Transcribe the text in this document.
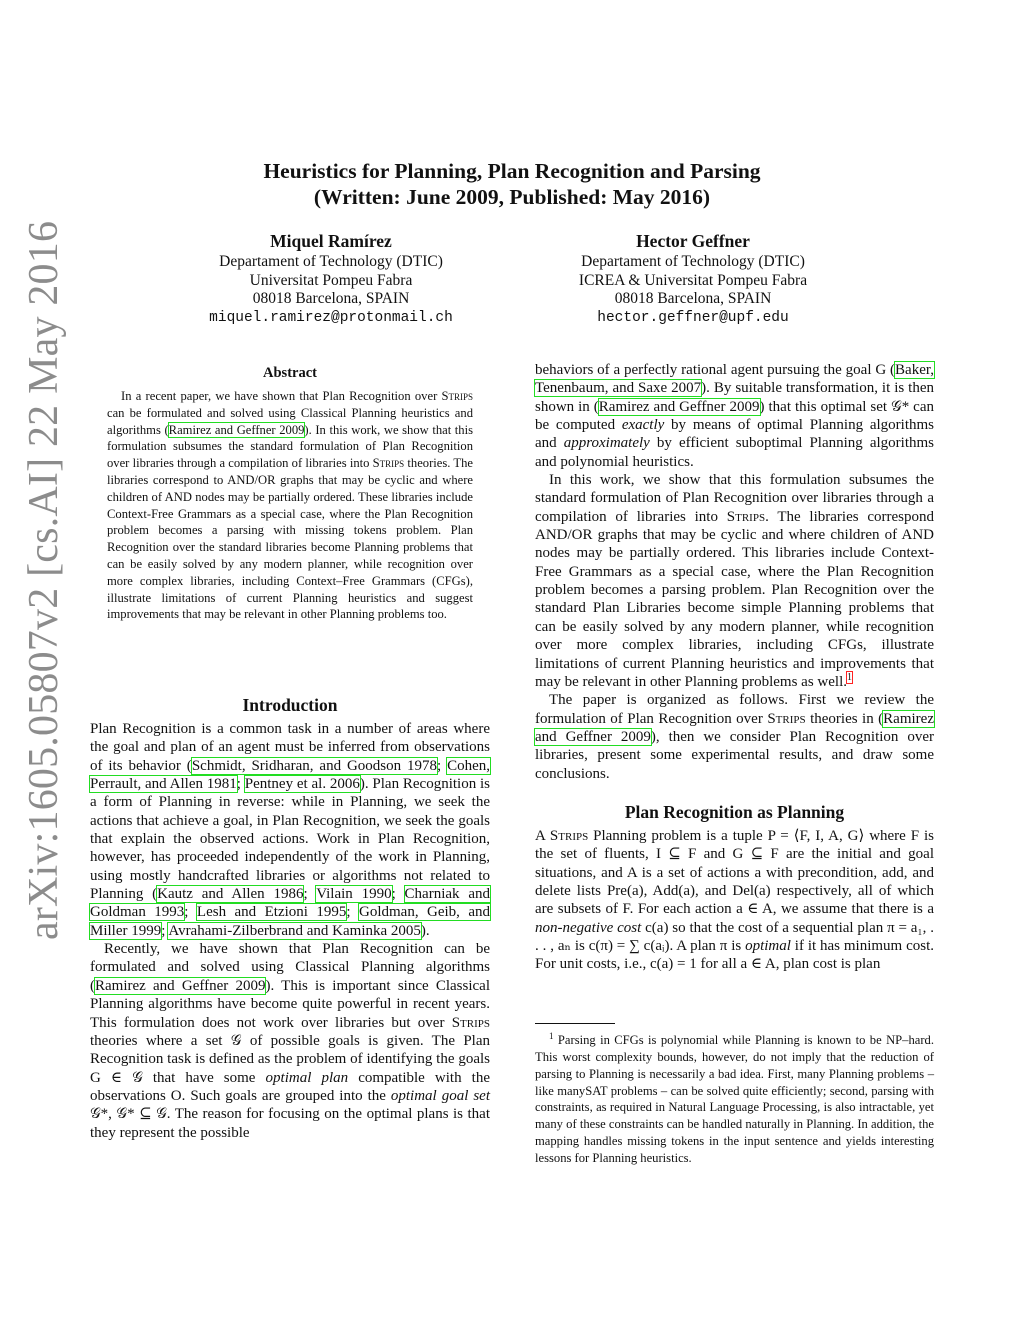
arXiv:1605.05807v2 [cs.AI] 22 May 2016
Heuristics for Planning, Plan Recognition and Parsing
(Written: June 2009, Published: May 2016)
Miquel Ramírez
Departament of Technology (DTIC)
Universitat Pompeu Fabra
08018 Barcelona, SPAIN
miquel.ramirez@protonmail.ch
Hector Geffner
Departament of Technology (DTIC)
ICREA & Universitat Pompeu Fabra
08018 Barcelona, SPAIN
hector.geffner@upf.edu
Abstract

In a recent paper, we have shown that Plan Recognition over Strips can be formulated and solved using Classical Planning heuristics and algorithms (Ramirez and Geffner 2009). In this work, we show that this formulation subsumes the standard formulation of Plan Recognition over libraries through a compilation of libraries into Strips theories. The libraries correspond to AND/OR graphs that may be cyclic and where children of AND nodes may be partially ordered. These libraries include Context-Free Grammars as a special case, where the Plan Recognition problem becomes a parsing with missing tokens problem. Plan Recognition over the standard libraries become Planning problems that can be easily solved by any modern planner, while recognition over more complex libraries, including Context–Free Grammars (CFGs), illustrate limitations of current Planning heuristics and suggest improvements that may be relevant in other Planning problems too.

Introduction

Plan Recognition is a common task in a number of areas where the goal and plan of an agent must be inferred from observations of its behavior (Schmidt, Sridharan, and Goodson 1978; Cohen, Perrault, and Allen 1981; Pentney et al. 2006). Plan Recognition is a form of Planning in reverse: while in Planning, we seek the actions that achieve a goal, in Plan Recognition, we seek the goals that explain the observed actions. Work in Plan Recognition, however, has proceeded independently of the work in Planning, using mostly handcrafted libraries or algorithms not related to Planning (Kautz and Allen 1986; Vilain 1990; Charniak and Goldman 1993; Lesh and Etzioni 1995; Goldman, Geib, and Miller 1999; Avrahami-Zilberbrand and Kaminka 2005).

Recently, we have shown that Plan Recognition can be formulated and solved using Classical Planning algorithms (Ramirez and Geffner 2009). This is important since Classical Planning algorithms have become quite powerful in recent years. This formulation does not work over libraries but over Strips theories where a set 𝒢 of possible goals is given. The Plan Recognition task is defined as the problem of identifying the goals G ∈ 𝒢 that have some optimal plan compatible with the observations O. Such goals are grouped into the optimal goal set 𝒢*, 𝒢* ⊆ 𝒢. The reason for focusing on the optimal plans is that they represent the possible

behaviors of a perfectly rational agent pursuing the goal G (Baker, Tenenbaum, and Saxe 2007). By suitable transformation, it is then shown in (Ramirez and Geffner 2009) that this optimal set 𝒢* can be computed exactly by means of optimal Planning algorithms and approximately by efficient suboptimal Planning algorithms and polynomial heuristics.

In this work, we show that this formulation subsumes the standard formulation of Plan Recognition over libraries through a compilation of libraries into Strips. The libraries correspond AND/OR graphs that may be cyclic and where children of AND nodes may be partially ordered. This libraries include Context-Free Grammars as a special case, where the Plan Recognition problem becomes a parsing problem. Plan Recognition over the standard Plan Libraries become simple Planning problems that can be easily solved by any modern planner, while recognition over more complex libraries, including CFGs, illustrate limitations of current Planning heuristics and improvements that may be relevant in other Planning problems as well.$^1$

The paper is organized as follows. First we review the formulation of Plan Recognition over Strips theories in (Ramirez and Geffner 2009), then we consider Plan Recognition over libraries, present some experimental results, and draw some conclusions.

Plan Recognition as Planning

A Strips Planning problem is a tuple P = ⟨F, I, A, G⟩ where F is the set of fluents, I ⊆ F and G ⊆ F are the initial and goal situations, and A is a set of actions a with precondition, add, and delete lists Pre(a), Add(a), and Del(a) respectively, all of which are subsets of F. For each action a ∈ A, we assume that there is a non-negative cost c(a) so that the cost of a sequential plan π = a₁, . . . , aₙ is c(π) = ∑ c(aᵢ). A plan π is optimal if it has minimum cost. For unit costs, i.e., c(a) = 1 for all a ∈ A, plan cost is plan

$^1$ Parsing in CFGs is polynomial while Planning is known to be NP–hard. This worst complexity bounds, however, do not imply that the reduction of parsing to Planning is necessarily a bad idea. First, many Planning problems – like manySAT problems – can be solved quite efficiently; second, parsing with constraints, as required in Natural Language Processing, is also intractable, yet many of these constraints can be handled naturally in Planning. In addition, the mapping handles missing tokens in the input sentence and yields interesting lessons for Planning heuristics.
